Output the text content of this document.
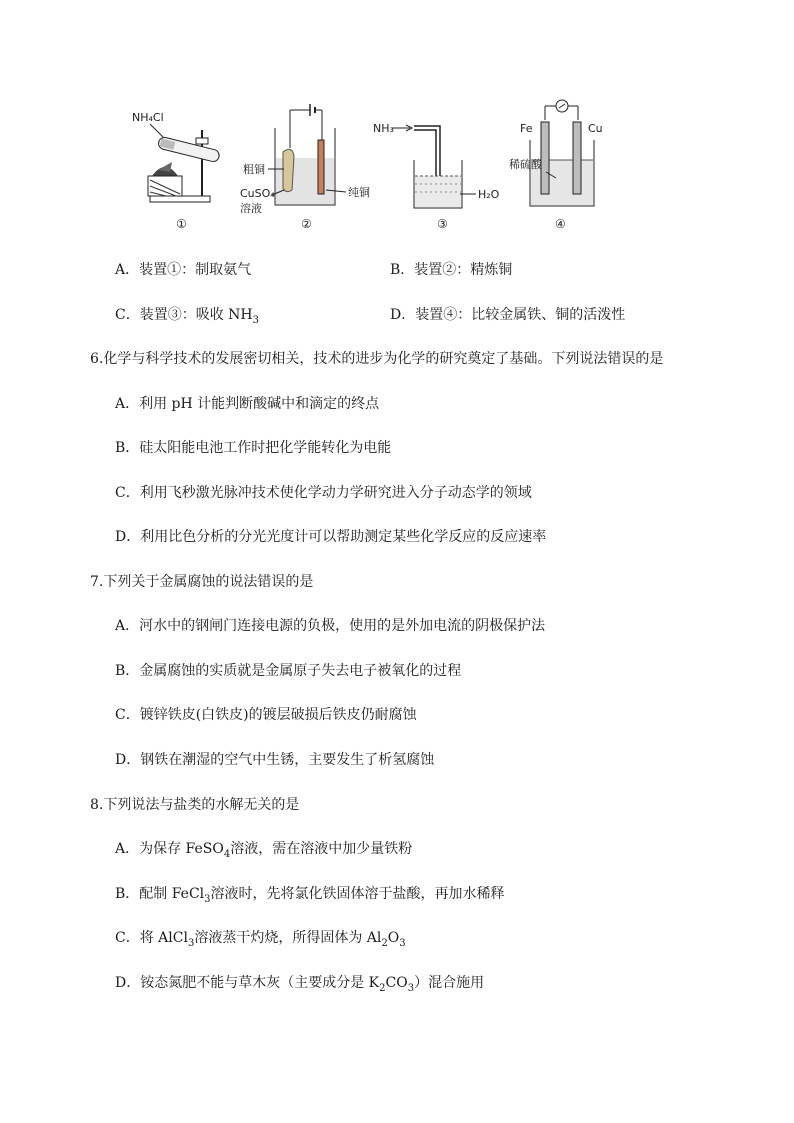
NH₄Cl
①
粗铜
CuSO₄
溶液
纯铜
②
NH₃
H₂O
③
Fe	Cu
稀硫酸
④
A．装置①：制取氨气	B．装置②：精炼铜
C．装置③：吸收 $NH_3$	D．装置④：比较金属铁、铜的活泼性
6.化学与科学技术的发展密切相关，技术的进步为化学的研究奠定了基础。下列说法错误的是
A．利用 pH 计能判断酸碱中和滴定的终点
B．硅太阳能电池工作时把化学能转化为电能
C．利用飞秒激光脉冲技术使化学动力学研究进入分子动态学的领域
D．利用比色分析的分光光度计可以帮助测定某些化学反应的反应速率
7.下列关于金属腐蚀的说法错误的是
A．河水中的钢闸门连接电源的负极，使用的是外加电流的阴极保护法
B．金属腐蚀的实质就是金属原子失去电子被氧化的过程
C．镀锌铁皮(白铁皮)的镀层破损后铁皮仍耐腐蚀
D．钢铁在潮湿的空气中生锈，主要发生了析氢腐蚀
8.下列说法与盐类的水解无关的是
A．为保存 FeSO$_4$溶液，需在溶液中加少量铁粉
B．配制 FeCl$_3$溶液时，先将氯化铁固体溶于盐酸，再加水稀释
C．将 AlCl$_3$溶液蒸干灼烧，所得固体为 $Al_2O_3$
D．铵态氮肥不能与草木灰（主要成分是 $K_2CO_3$）混合施用
